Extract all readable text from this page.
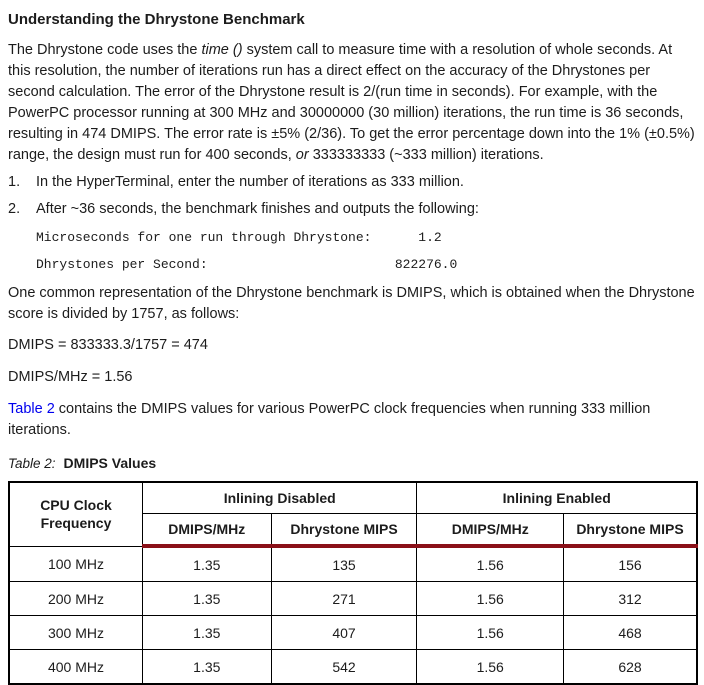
Understanding the Dhrystone Benchmark

The Dhrystone code uses the time () system call to measure time with a resolution of whole seconds. At this resolution, the number of iterations run has a direct effect on the accuracy of the Dhrystones per second calculation. The error of the Dhrystone result is 2/(run time in seconds). For example, with the PowerPC processor running at 300 MHz and 30000000 (30 million) iterations, the run time is 36 seconds, resulting in 474 DMIPS. The error rate is ±5% (2/36). To get the error percentage down into the 1% (±0.5%) range, the design must run for 400 seconds, or 333333333 (~333 million) iterations.

1.	In the HyperTerminal, enter the number of iterations as 333 million.
2.	After ~36 seconds, the benchmark finishes and outputs the following:
Microseconds for one run through Dhrystone:      1.2
Dhrystones per Second:                        822276.0

One common representation of the Dhrystone benchmark is DMIPS, which is obtained when the Dhrystone score is divided by 1757, as follows:

DMIPS = 833333.3/1757 = 474
DMIPS/MHz = 1.56

Table 2 contains the DMIPS values for various PowerPC clock frequencies when running 333 million iterations.

Table 2: DMIPS Values
CPU Clock Frequency	Inlining Disabled		Inlining Enabled	
	DMIPS/MHz	Dhrystone MIPS	DMIPS/MHz	Dhrystone MIPS
100 MHz	1.35	135	1.56	156
200 MHz	1.35	271	1.56	312
300 MHz	1.35	407	1.56	468
400 MHz	1.35	542	1.56	628
